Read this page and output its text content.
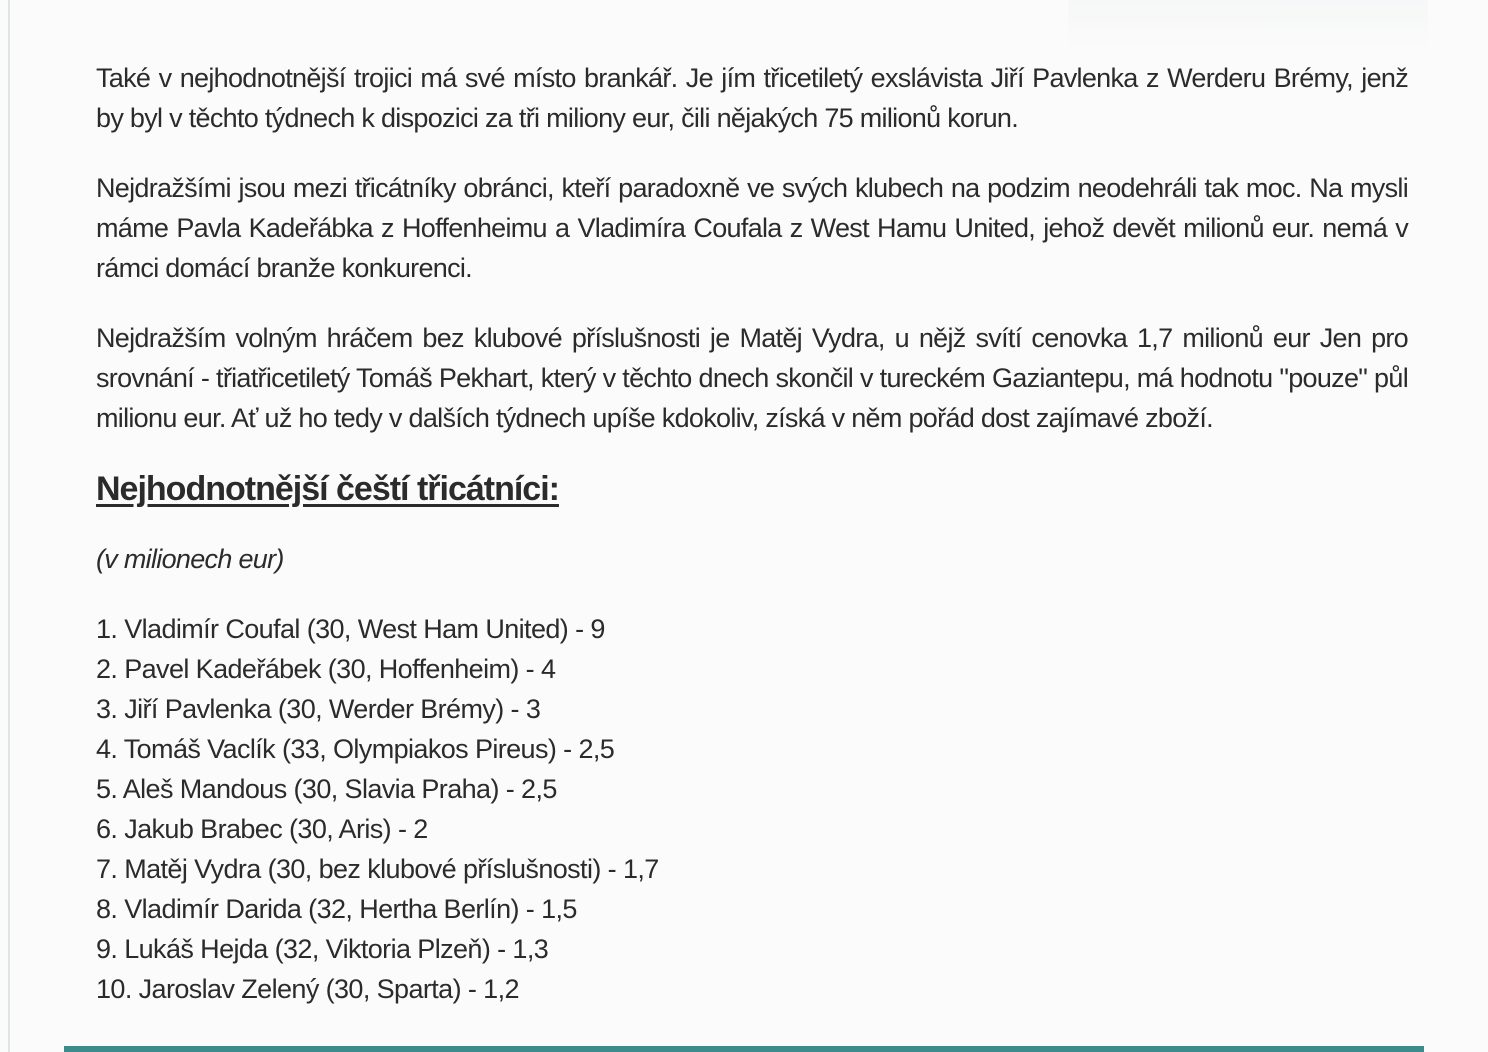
Také v nejhodnotnější trojici má své místo brankář. Je jím třicetiletý exslávista Jiří Pavlenka z Werderu Brémy, jenž by byl v těchto týdnech k dispozici za tři miliony eur, čili nějakých 75 milionů korun.

Nejdražšími jsou mezi třicátníky obránci, kteří paradoxně ve svých klubech na podzim neodehráli tak moc. Na mysli máme Pavla Kadeřábka z Hoffenheimu a Vladimíra Coufala z West Hamu United, jehož devět milionů eur. nemá v rámci domácí branže konkurenci.

Nejdražším volným hráčem bez klubové příslušnosti je Matěj Vydra, u nějž svítí cenovka 1,7 milionů eur Jen pro srovnání - třiatřicetiletý Tomáš Pekhart, který v těchto dnech skončil v tureckém Gaziantepu, má hodnotu "pouze" půl milionu eur. Ať už ho tedy v dalších týdnech upíše kdokoliv, získá v něm pořád dost zajímavé zboží.

Nejhodnotnější čeští třicátníci:

(v milionech eur)

1. Vladimír Coufal (30, West Ham United) - 9
2. Pavel Kadeřábek (30, Hoffenheim) - 4
3. Jiří Pavlenka (30, Werder Brémy) - 3
4. Tomáš Vaclík (33, Olympiakos Pireus) - 2,5
5. Aleš Mandous (30, Slavia Praha) - 2,5
6. Jakub Brabec (30, Aris) - 2
7. Matěj Vydra (30, bez klubové příslušnosti) - 1,7
8. Vladimír Darida (32, Hertha Berlín) - 1,5
9. Lukáš Hejda (32, Viktoria Plzeň) - 1,3
10. Jaroslav Zelený (30, Sparta) - 1,2
